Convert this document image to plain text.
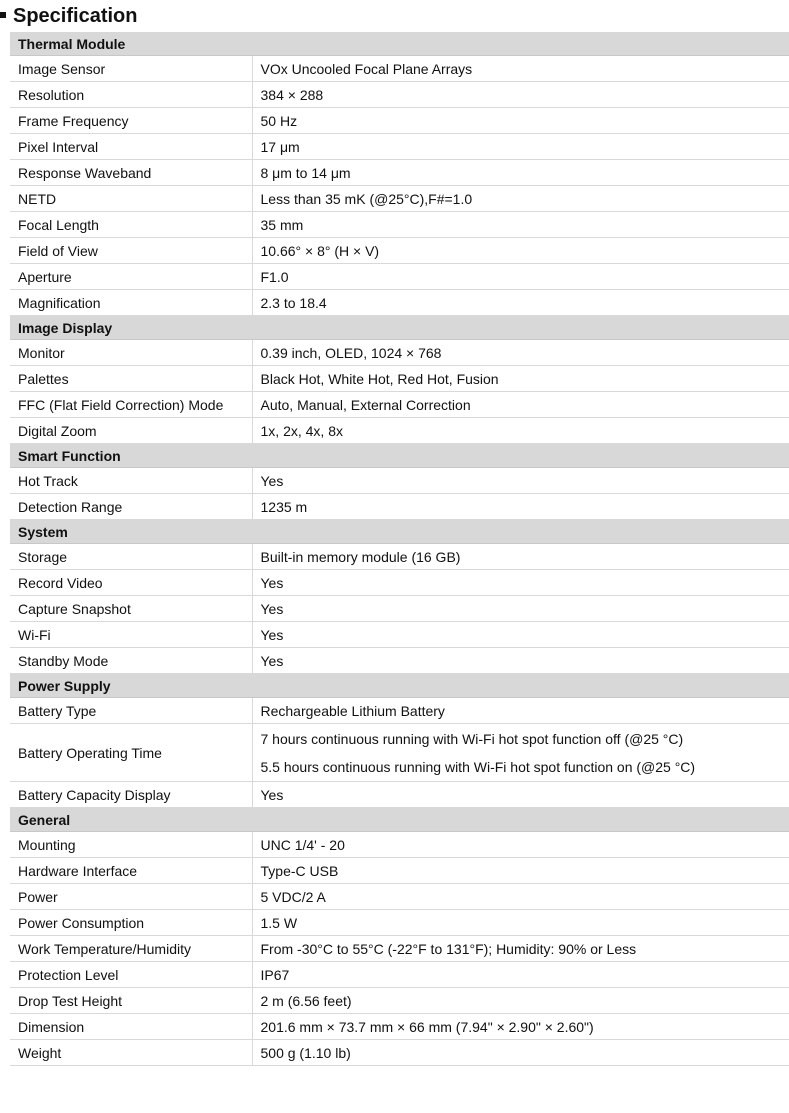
Specification
Thermal Module	
Image Sensor	VOx Uncooled Focal Plane Arrays
Resolution	384 × 288
Frame Frequency	50 Hz
Pixel Interval	17 μm
Response Waveband	8 μm to 14 μm
NETD	Less than 35 mK (@25°C),F#=1.0
Focal Length	35 mm
Field of View	10.66° × 8° (H × V)
Aperture	F1.0
Magnification	2.3 to 18.4
Image Display	
Monitor	0.39 inch, OLED, 1024 × 768
Palettes	Black Hot, White Hot, Red Hot, Fusion
FFC (Flat Field Correction) Mode	Auto, Manual, External Correction
Digital Zoom	1x, 2x, 4x, 8x
Smart Function	
Hot Track	Yes
Detection Range	1235 m
System	
Storage	Built-in memory module (16 GB)
Record Video	Yes
Capture Snapshot	Yes
Wi-Fi	Yes
Standby Mode	Yes
Power Supply	
Battery Type	Rechargeable Lithium Battery
Battery Operating Time	7 hours continuous running with Wi-Fi hot spot function off (@25 °C)
5.5 hours continuous running with Wi-Fi hot spot function on (@25 °C)

Battery Capacity Display	Yes
General	
Mounting	UNC 1/4' - 20
Hardware Interface	Type-C USB
Power	5 VDC/2 A
Power Consumption	1.5 W
Work Temperature/Humidity	From -30°C to 55°C (-22°F to 131°F); Humidity: 90% or Less
Protection Level	IP67
Drop Test Height	2 m (6.56 feet)
Dimension	201.6 mm × 73.7 mm × 66 mm (7.94" × 2.90" × 2.60")
Weight	500 g (1.10 lb)
